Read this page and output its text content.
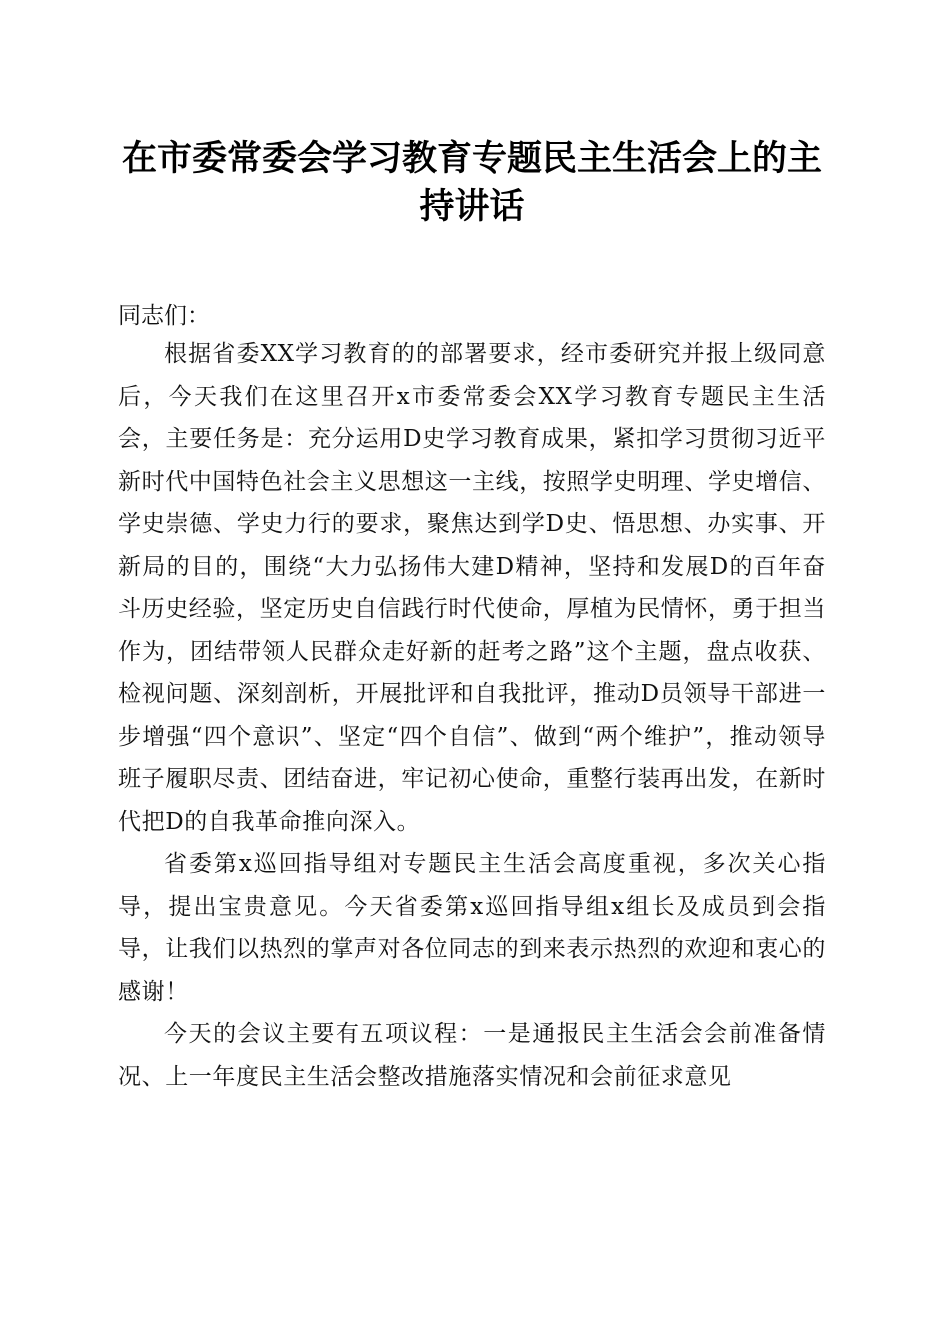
在市委常委会学习教育专题民主生活会上的主持讲话

同志们：

根据省委XX学习教育的的部署要求，经市委研究并报上级同意后，今天我们在这里召开x市委常委会XX学习教育专题民主生活会，主要任务是：充分运用D史学习教育成果，紧扣学习贯彻习近平新时代中国特色社会主义思想这一主线，按照学史明理、学史增信、学史崇德、学史力行的要求，聚焦达到学D史、悟思想、办实事、开新局的目的，围绕“大力弘扬伟大建D精神，坚持和发展D的百年奋斗历史经验，坚定历史自信践行时代使命，厚植为民情怀，勇于担当作为，团结带领人民群众走好新的赶考之路”这个主题，盘点收获、检视问题、深刻剖析，开展批评和自我批评，推动D员领导干部进一步增强“四个意识”、坚定“四个自信”、做到“两个维护”，推动领导班子履职尽责、团结奋进，牢记初心使命，重整行装再出发，在新时代把D的自我革命推向深入。

省委第x巡回指导组对专题民主生活会高度重视，多次关心指导，提出宝贵意见。今天省委第x巡回指导组x组长及成员到会指导，让我们以热烈的掌声对各位同志的到来表示热烈的欢迎和衷心的感谢！

今天的会议主要有五项议程：一是通报民主生活会会前准备情况、上一年度民主生活会整改措施落实情况和会前征求意见
